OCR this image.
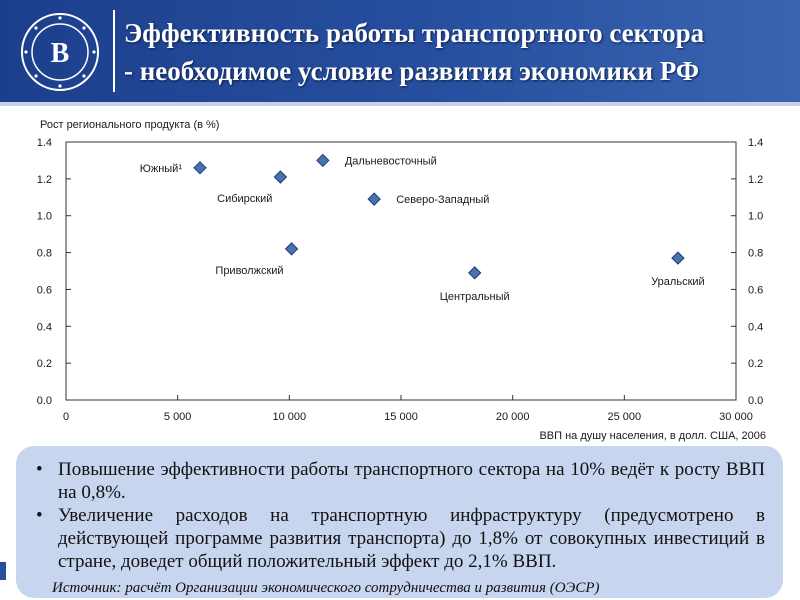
В
Эффективность работы транспортного сектора
- необходимое условие развития экономики РФ
Рост регионального продукта (в %)
ВВП на душу населения, в долл. США, 2006
0.0	0.0
0.2	0.2
0.4	0.4
0.6	0.6
0.8	0.8
1.0	1.0
1.2	1.2
1.4	1.4
0	5 000	10 000	15 000	20 000	25 000	30 000
Южный¹
Сибирский
Дальневосточный
Северо-Западный
Приволжский
Центральный
Уральский
• Повышение эффективности работы транспортного сектора на 10% ведёт к росту ВВП на 0,8%.
• Увеличение расходов на транспортную инфраструктуру (предусмотрено в действующей программе развития транспорта) до 1,8% от совокупных инвестиций в стране, доведет общий положительный эффект до 2,1% ВВП.
Источник: расчёт Организации экономического сотрудничества и развития (ОЭСР)
